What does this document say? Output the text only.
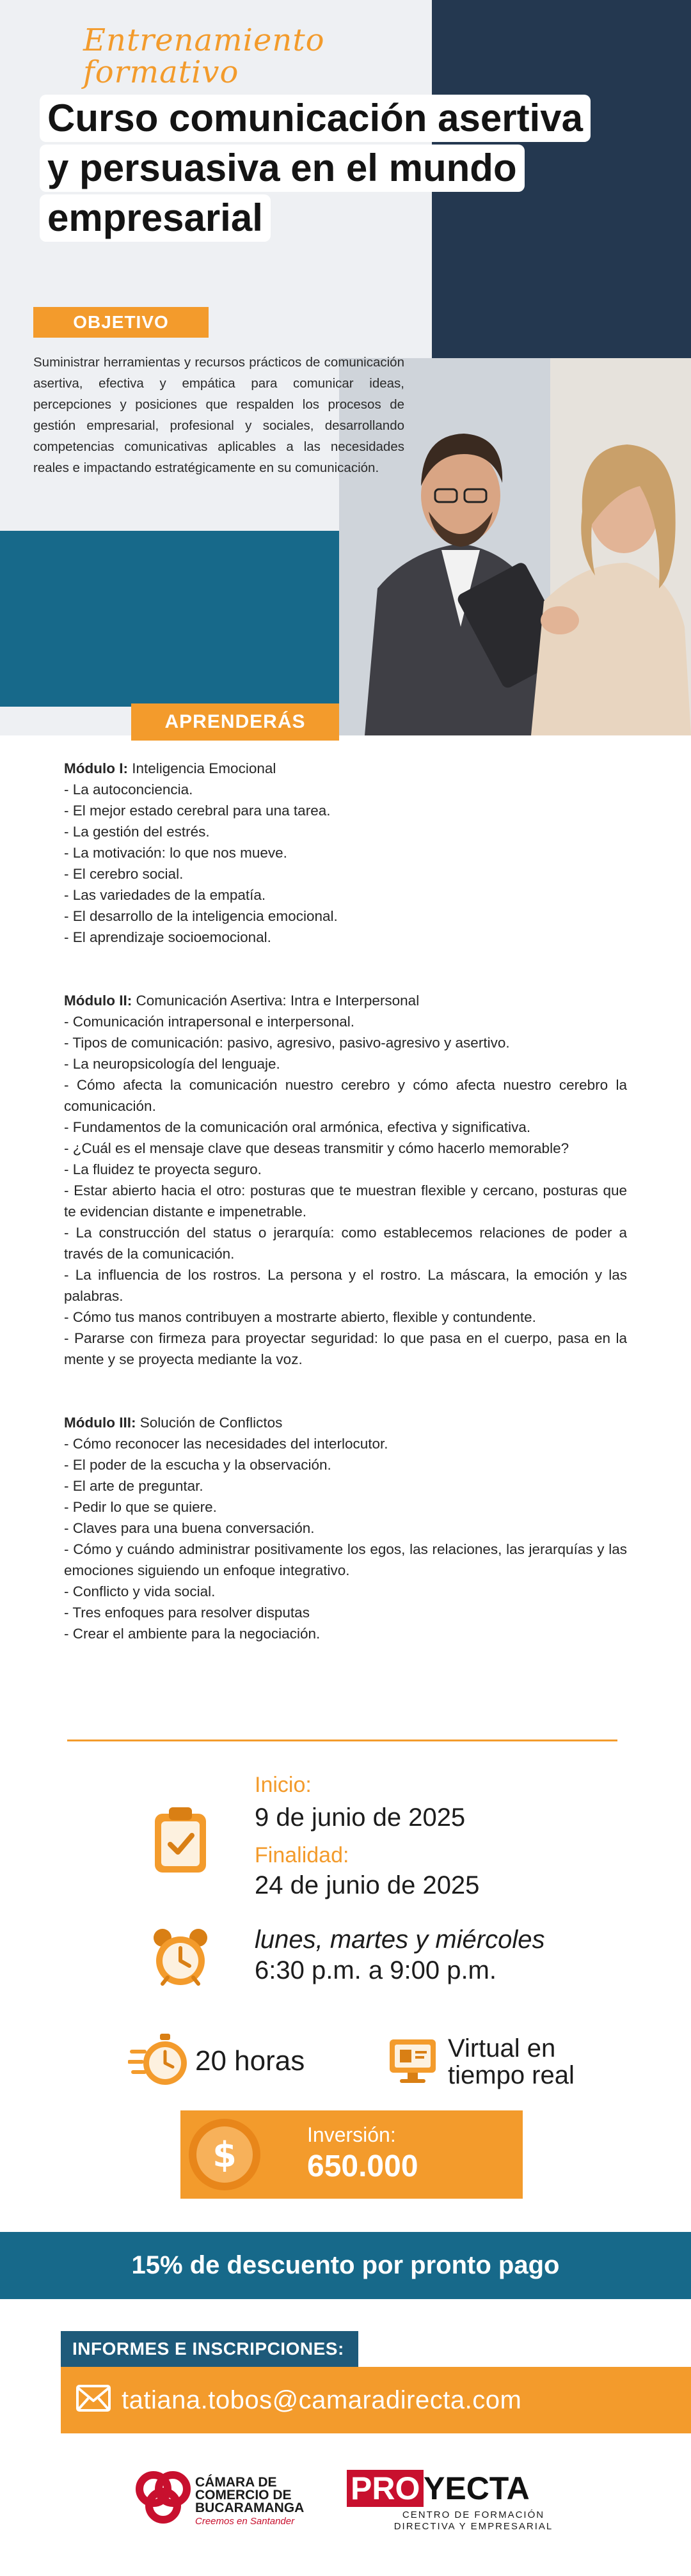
Entrenamiento
formativo
Curso comunicación asertiva
y persuasiva en el mundo
empresarial
OBJETIVO

Suministrar herramientas y recursos prácticos de comunicación asertiva, efectiva y empática para comunicar ideas, percepciones y posiciones que respalden los procesos de gestión empresarial, profesional y sociales, desarrollando competencias comunicativas aplicables a las necesidades reales e impactando estratégicamente en su comunicación.

APRENDERÁS
Módulo I: Inteligencia Emocional
- La autoconciencia.
- El mejor estado cerebral para una tarea.
- La gestión del estrés.
- La motivación: lo que nos mueve.
- El cerebro social.
- Las variedades de la empatía.
- El desarrollo de la inteligencia emocional.
- El aprendizaje socioemocional.
Módulo II: Comunicación Asertiva: Intra e Interpersonal
- Comunicación intrapersonal e interpersonal.
- Tipos de comunicación: pasivo, agresivo, pasivo-agresivo y asertivo.
- La neuropsicología del lenguaje.
- Cómo afecta la comunicación nuestro cerebro y cómo afecta nuestro cerebro la comunicación.
- Fundamentos de la comunicación oral armónica, efectiva y significativa.
- ¿Cuál es el mensaje clave que deseas transmitir y cómo hacerlo memorable?
- La fluidez te proyecta seguro.
- Estar abierto hacia el otro: posturas que te muestran flexible y cercano, posturas que te evidencian distante e impenetrable.
- La construcción del status o jerarquía: como establecemos relaciones de poder a través de la comunicación.
- La influencia de los rostros. La persona y el rostro. La máscara, la emoción y las palabras.
- Cómo tus manos contribuyen a mostrarte abierto, flexible y contundente.
- Pararse con firmeza para proyectar seguridad: lo que pasa en el cuerpo, pasa en la mente y se proyecta mediante la voz.
Módulo III: Solución de Conflictos
- Cómo reconocer las necesidades del interlocutor.
- El poder de la escucha y la observación.
- El arte de preguntar.
- Pedir lo que se quiere.
- Claves para una buena conversación.
- Cómo y cuándo administrar positivamente los egos, las relaciones, las jerarquías y las emociones siguiendo un enfoque integrativo.
- Conflicto y vida social.
- Tres enfoques para resolver disputas
- Crear el ambiente para la negociación.
Inicio:
9 de junio de 2025
Finalidad:
24 de junio de 2025
lunes, martes y miércoles
6:30 p.m. a 9:00 p.m.
20 horas	Virtual en
tiempo real
$	Inversión:
650.000
15% de descuento por pronto pago
INFORMES E INSCRIPCIONES:
tatiana.tobos@camaradirecta.com
CÁMARA DE
COMERCIO DE
BUCARAMANGA
Creemos en Santander
PRO YECTA
CENTRO DE FORMACIÓN
DIRECTIVA Y EMPRESARIAL
